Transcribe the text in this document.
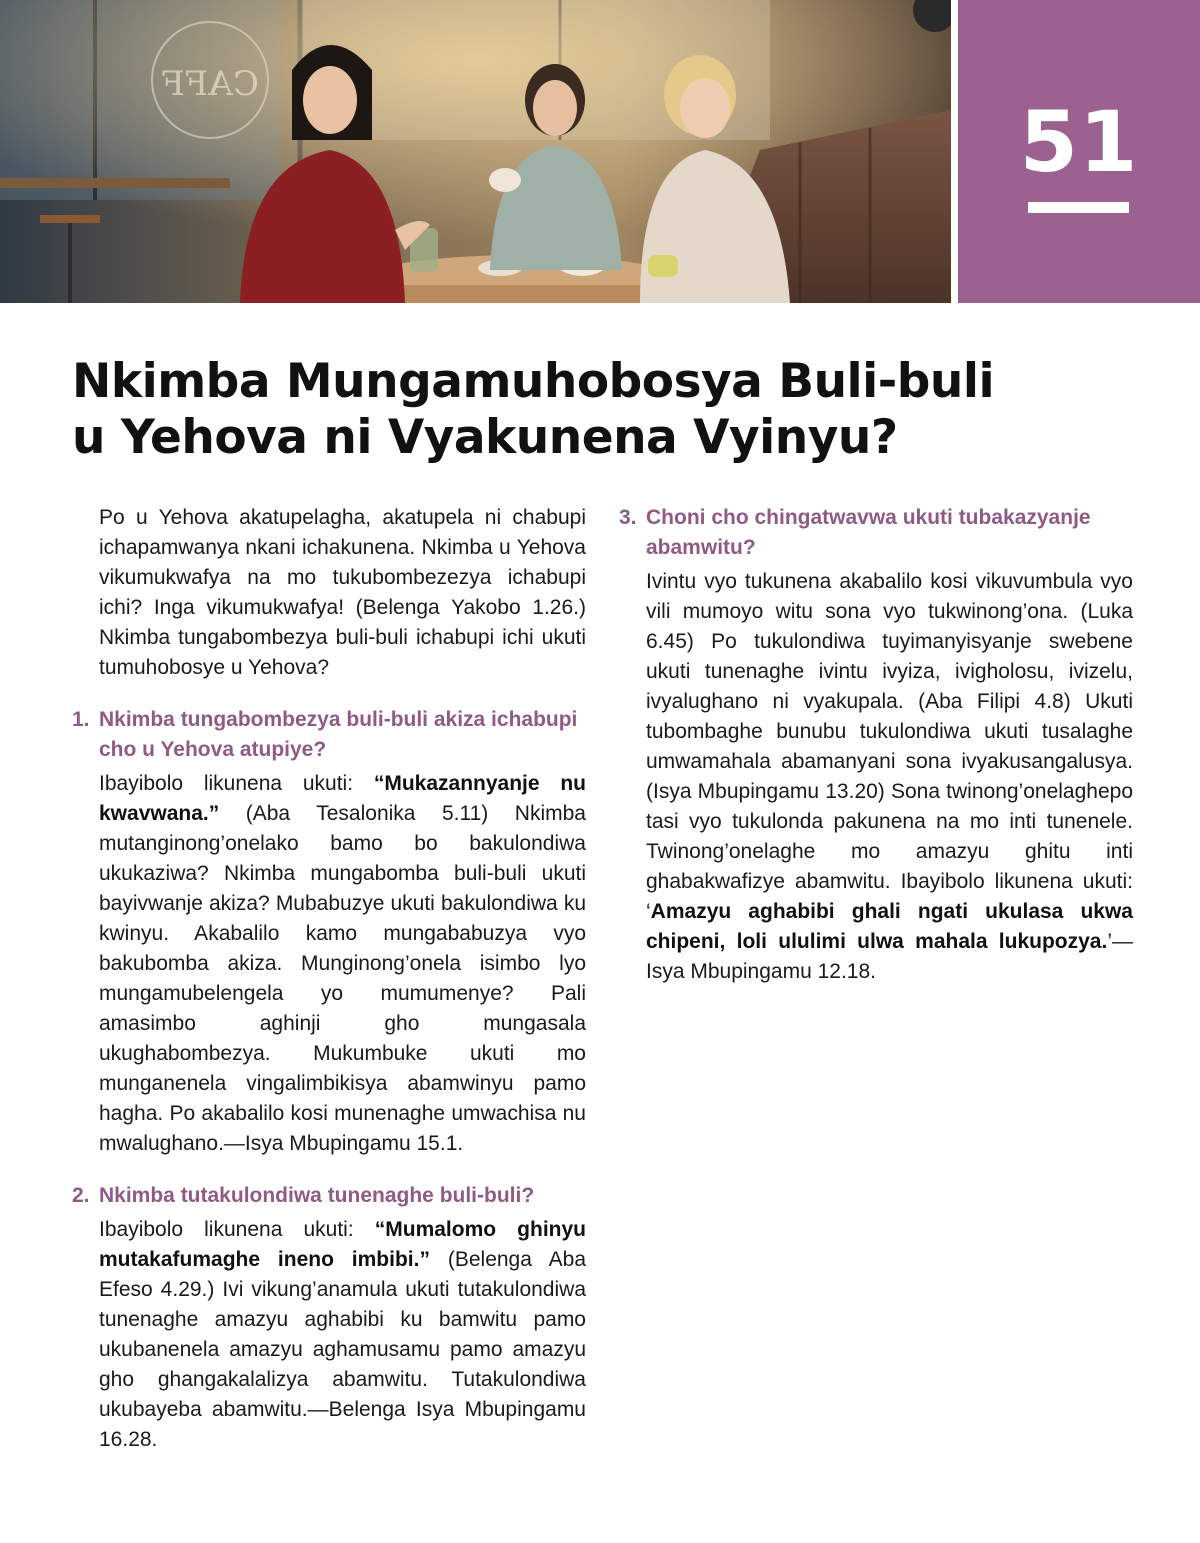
CAFF
51
Nkimba Mungamuhobosya Buli-buli
u Yehova ni Vyakunena Vyinyu?

Po u Yehova akatupelagha, akatupela ni chabupi ichapamwanya nkani ichakunena. Nkimba u Yehova vikumukwafya na mo tukubombezezya ichabupi ichi? Inga vikumukwafya! (Belenga Yakobo 1.26.) Nkimba tungabombezya buli-buli ichabupi ichi ukuti tumuhobosye u Yehova?

1. Nkimba tungabombezya buli-buli akiza ichabupi cho u Yehova atupiye?

Ibayibolo likunena ukuti: “Mukazannyanje nu kwavwana.” (Aba Tesalonika 5.11) Nkimba mutanginong’onelako bamo bo bakulondiwa ukukaziwa? Nkimba mungabomba buli-buli ukuti bayivwanje akiza? Mubabuzye ukuti bakulondiwa ku kwinyu. Akabalilo kamo mungababuzya vyo bakubomba akiza. Munginong’onela isimbo lyo mungamubelengela yo mumumenye? Pali amasimbo aghinji gho mungasala ukughabombezya. Mukumbuke ukuti mo munganenela vingalimbikisya abamwinyu pamo hagha. Po akabalilo kosi munenaghe umwachisa nu mwalughano.—Isya Mbupingamu 15.1.

2. Nkimba tutakulondiwa tunenaghe buli-buli?

Ibayibolo likunena ukuti: “Mumalomo ghinyu mutakafumaghe ineno imbibi.” (Belenga Aba Efeso 4.29.) Ivi vikung’anamula ukuti tutakulondiwa tunenaghe amazyu aghabibi ku bamwitu pamo ukubanenela amazyu aghamusamu pamo amazyu gho ghangakalalizya abamwitu. Tutakulondiwa ukubayeba abamwitu.—Belenga Isya Mbupingamu 16.28.

3. Choni cho chingatwavwa ukuti tubakazyanje abamwitu?

Ivintu vyo tukunena akabalilo kosi vikuvumbula vyo vili mumoyo witu sona vyo tukwinong’ona. (Luka 6.45) Po tukulondiwa tuyimanyisyanje swebene ukuti tunenaghe ivintu ivyiza, ivigholosu, ivizelu, ivyalughano ni vyakupala. (Aba Filipi 4.8) Ukuti tubombaghe bunubu tukulondiwa ukuti tusalaghe umwamahala abamanyani sona ivyakusangalusya. (Isya Mbupingamu 13.20) Sona twinong’onelaghepo tasi vyo tukulonda pakunena na mo inti tunenele. Twinong’onelaghe mo amazyu ghitu inti ghabakwafizye abamwitu. Ibayibolo likunena ukuti: ‘Amazyu aghabibi ghali ngati ukulasa ukwa chipeni, loli ululimi ulwa mahala lukupozya.’—Isya Mbupingamu 12.18.
